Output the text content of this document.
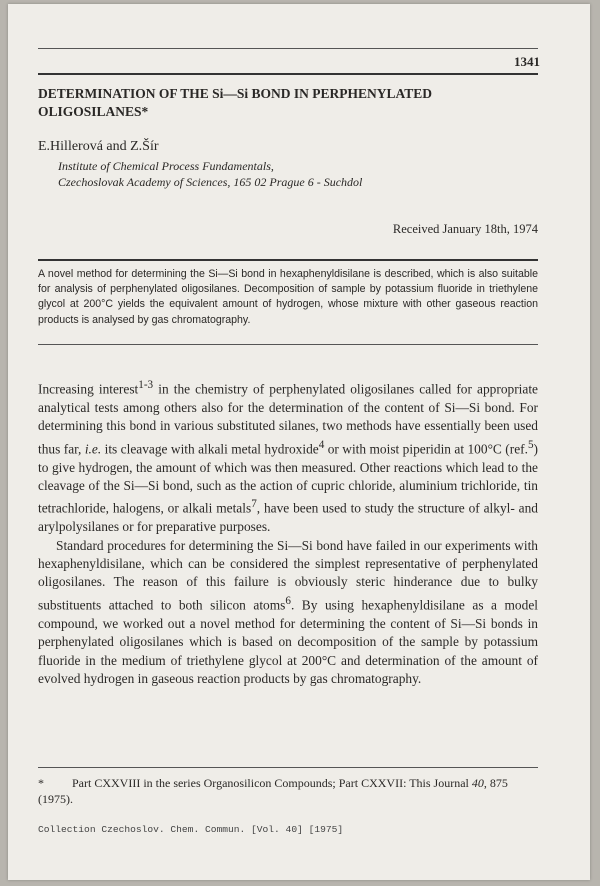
1341
DETERMINATION OF THE Si—Si BOND IN PERPHENYLATED OLIGOSILANES*
E.Hillerová and Z.Šír
Institute of Chemical Process Fundamentals,
Czechoslovak Academy of Sciences, 165 02 Prague 6 - Suchdol
Received January 18th, 1974
A novel method for determining the Si—Si bond in hexaphenyldisilane is described, which is also suitable for analysis of perphenylated oligosilanes. Decomposition of sample by potassium fluoride in triethylene glycol at 200°C yields the equivalent amount of hydrogen, whose mixture with other gaseous reaction products is analysed by gas chromatography.

Increasing interest$^{1-3}$ in the chemistry of perphenylated oligosilanes called for appropriate analytical tests among others also for the determination of the content of Si—Si bond. For determining this bond in various substituted silanes, two methods have essentially been used thus far, i.e. its cleavage with alkali metal hydroxide$^4$ or with moist piperidin at 100°C (ref.$^5$) to give hydrogen, the amount of which was then measured. Other reactions which lead to the cleavage of the Si—Si bond, such as the action of cupric chloride, aluminium trichloride, tin tetrachloride, halogens, or alkali metals$^7$, have been used to study the structure of alkyl- and arylpolysilanes or for preparative purposes.

Standard procedures for determining the Si—Si bond have failed in our experiments with hexaphenyldisilane, which can be considered the simplest representative of perphenylated oligosilanes. The reason of this failure is obviously steric hinderance due to bulky substituents attached to both silicon atoms$^6$. By using hexaphenyldisilane as a model compound, we worked out a novel method for determining the content of Si—Si bonds in perphenylated oligosilanes which is based on decomposition of the sample by potassium fluoride in the medium of triethylene glycol at 200°C and determination of the amount of evolved hydrogen in gaseous reaction products by gas chromatography.

* Part CXXVIII in the series Organosilicon Compounds; Part CXXVII: This Journal 40, 875 (1975).
Collection Czechoslov. Chem. Commun. [Vol. 40] [1975]
